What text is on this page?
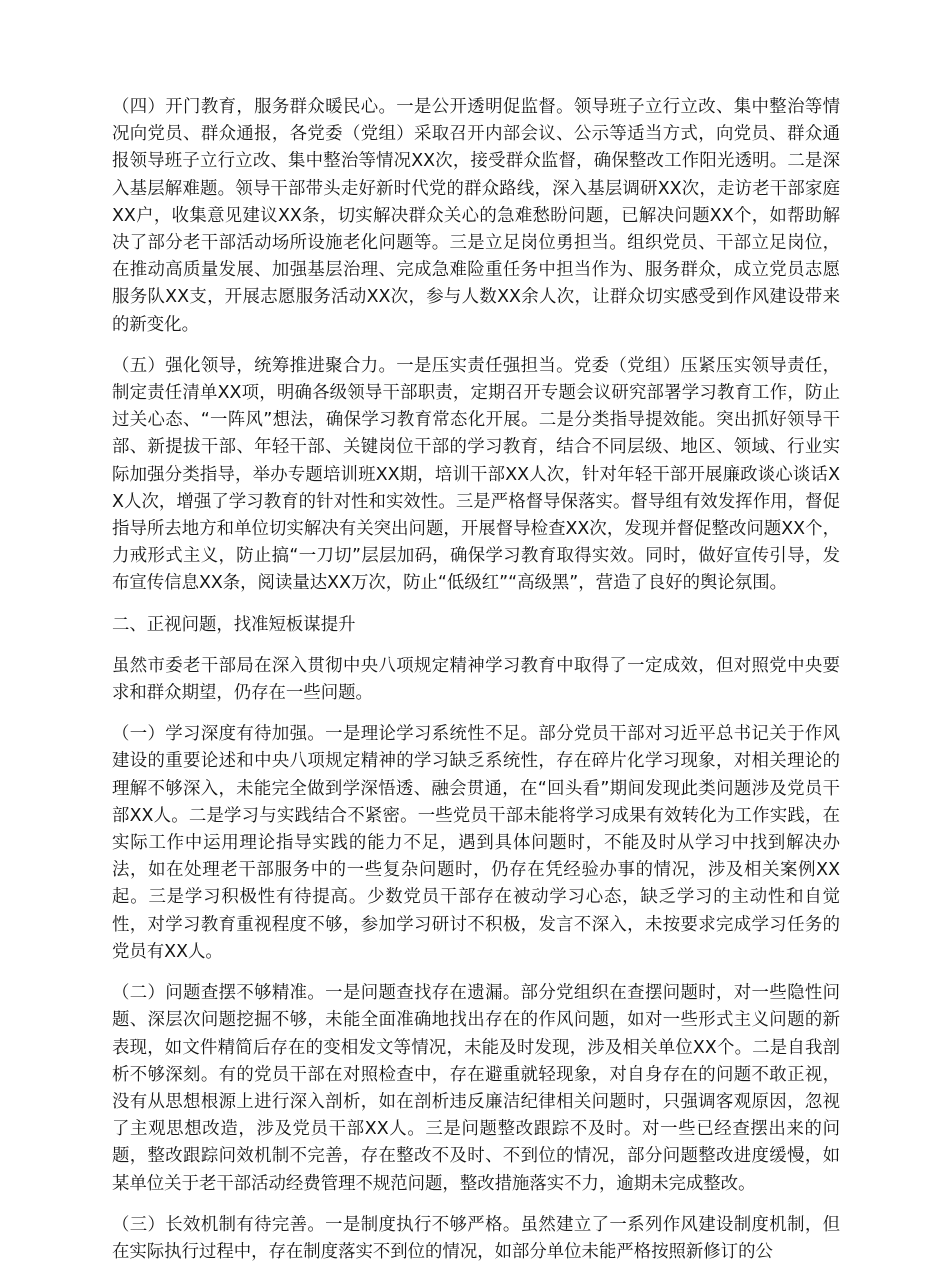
（四）开门教育，服务群众暖民心。一是公开透明促监督。领导班子立行立改、集中整治等情况向党员、群众通报，各党委（党组）采取召开内部会议、公示等适当方式，向党员、群众通报领导班子立行立改、集中整治等情况XX次，接受群众监督，确保整改工作阳光透明。二是深入基层解难题。领导干部带头走好新时代党的群众路线，深入基层调研XX次，走访老干部家庭XX户，收集意见建议XX条，切实解决群众关心的急难愁盼问题，已解决问题XX个，如帮助解决了部分老干部活动场所设施老化问题等。三是立足岗位勇担当。组织党员、干部立足岗位，在推动高质量发展、加强基层治理、完成急难险重任务中担当作为、服务群众，成立党员志愿服务队XX支，开展志愿服务活动XX次，参与人数XX余人次，让群众切实感受到作风建设带来的新变化。

（五）强化领导，统筹推进聚合力。一是压实责任强担当。党委（党组）压紧压实领导责任，制定责任清单XX项，明确各级领导干部职责，定期召开专题会议研究部署学习教育工作，防止过关心态、“一阵风”想法，确保学习教育常态化开展。二是分类指导提效能。突出抓好领导干部、新提拔干部、年轻干部、关键岗位干部的学习教育，结合不同层级、地区、领域、行业实际加强分类指导，举办专题培训班XX期，培训干部XX人次，针对年轻干部开展廉政谈心谈话XX人次，增强了学习教育的针对性和实效性。三是严格督导保落实。督导组有效发挥作用，督促指导所去地方和单位切实解决有关突出问题，开展督导检查XX次，发现并督促整改问题XX个，力戒形式主义，防止搞“一刀切”层层加码，确保学习教育取得实效。同时，做好宣传引导，发布宣传信息XX条，阅读量达XX万次，防止“低级红”“高级黑”，营造了良好的舆论氛围。

二、正视问题，找准短板谋提升

虽然市委老干部局在深入贯彻中央八项规定精神学习教育中取得了一定成效，但对照党中央要求和群众期望，仍存在一些问题。

（一）学习深度有待加强。一是理论学习系统性不足。部分党员干部对习近平总书记关于作风建设的重要论述和中央八项规定精神的学习缺乏系统性，存在碎片化学习现象，对相关理论的理解不够深入，未能完全做到学深悟透、融会贯通，在“回头看”期间发现此类问题涉及党员干部XX人。二是学习与实践结合不紧密。一些党员干部未能将学习成果有效转化为工作实践，在实际工作中运用理论指导实践的能力不足，遇到具体问题时，不能及时从学习中找到解决办法，如在处理老干部服务中的一些复杂问题时，仍存在凭经验办事的情况，涉及相关案例XX起。三是学习积极性有待提高。少数党员干部存在被动学习心态，缺乏学习的主动性和自觉性，对学习教育重视程度不够，参加学习研讨不积极，发言不深入，未按要求完成学习任务的党员有XX人。

（二）问题查摆不够精准。一是问题查找存在遗漏。部分党组织在查摆问题时，对一些隐性问题、深层次问题挖掘不够，未能全面准确地找出存在的作风问题，如对一些形式主义问题的新表现，如文件精简后存在的变相发文等情况，未能及时发现，涉及相关单位XX个。二是自我剖析不够深刻。有的党员干部在对照检查中，存在避重就轻现象，对自身存在的问题不敢正视，没有从思想根源上进行深入剖析，如在剖析违反廉洁纪律相关问题时，只强调客观原因，忽视了主观思想改造，涉及党员干部XX人。三是问题整改跟踪不及时。对一些已经查摆出来的问题，整改跟踪问效机制不完善，存在整改不及时、不到位的情况，部分问题整改进度缓慢，如某单位关于老干部活动经费管理不规范问题，整改措施落实不力，逾期未完成整改。

（三）长效机制有待完善。一是制度执行不够严格。虽然建立了一系列作风建设制度机制，但在实际执行过程中，存在制度落实不到位的情况，如部分单位未能严格按照新修订的公
